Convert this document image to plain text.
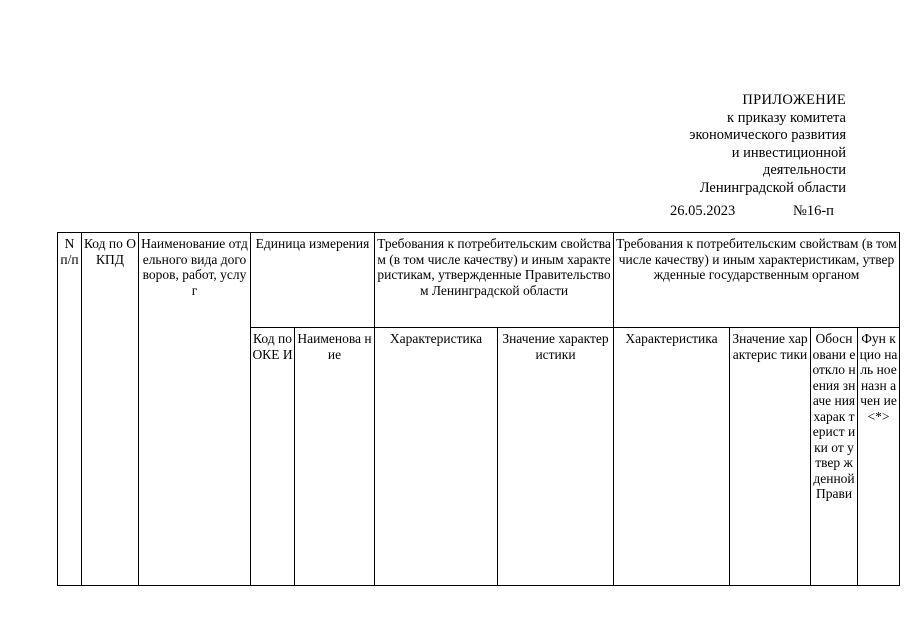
ПРИЛОЖЕНИЕ
к приказу комитета
экономического развития
и инвестиционной
деятельности
Ленинградской области
26.05.2023	№16-п
N п/п	Код по ОКПД	Наименование отдельного вида договоров, работ, услуг	Единица измерения		Требования к потребительским свойствам (в том числе качеству) и иным характеристикам, утвержденные Правительством Ленинградской области		Требования к потребительским свойствам (в том числе качеству) и иным характеристикам, утвержденные государственным органом			
			Код по ОКЕ И	Наименова ние	Характеристика	Значение характеристики	Характеристика	Значение характерис тики	Обосн овани е откло нения значе ния харак терист ики от утвер жденной Прави	Фун кцио наль ное назн ачен ие <*>
